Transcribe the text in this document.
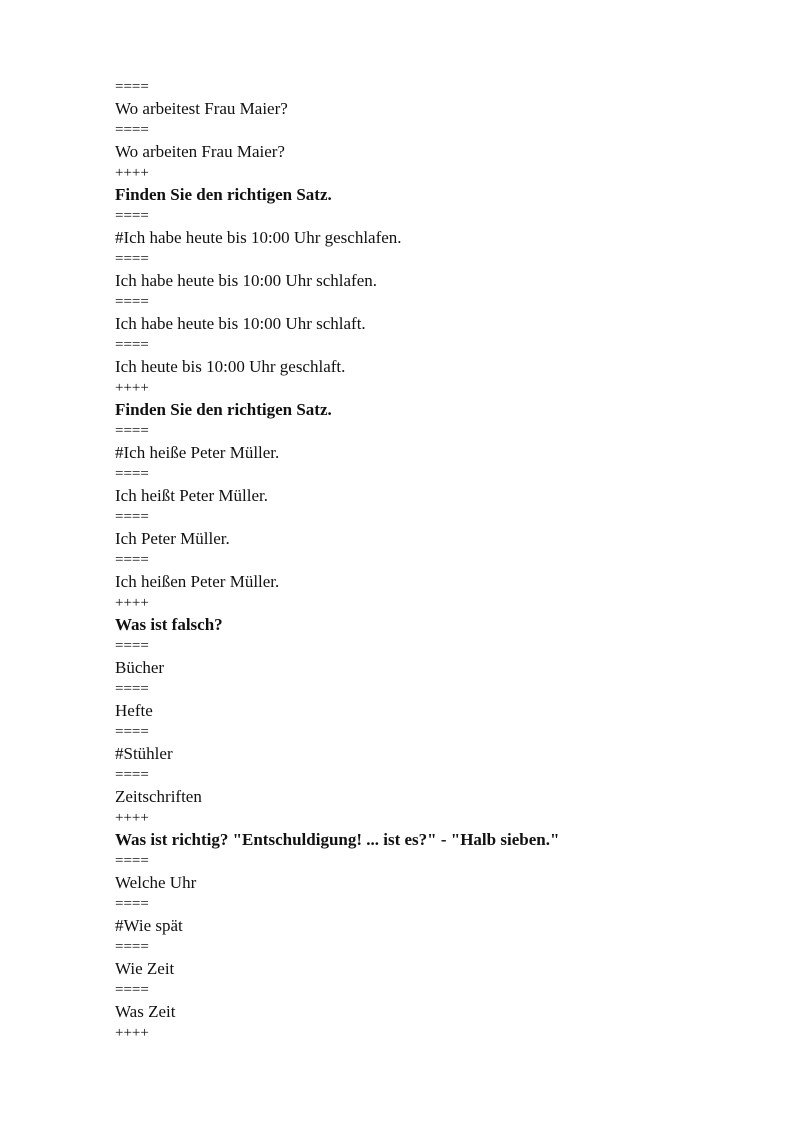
====
Wo arbeitest Frau Maier?
====
Wo arbeiten Frau Maier?
++++
Finden Sie den richtigen Satz.
====
#Ich habe heute bis 10:00 Uhr geschlafen.
====
Ich habe heute bis 10:00 Uhr schlafen.
====
Ich habe heute bis 10:00 Uhr schlaft.
====
Ich heute bis 10:00 Uhr geschlaft.
++++
Finden Sie den richtigen Satz.
====
#Ich heiße Peter Müller.
====
Ich heißt Peter Müller.
====
Ich Peter Müller.
====
Ich heißen Peter Müller.
++++
Was ist falsch?
====
Bücher
====
Hefte
====
#Stühler
====
Zeitschriften
++++
Was ist richtig? "Entschuldigung! ... ist es?" - "Halb sieben."
====
Welche Uhr
====
#Wie spät
====
Wie Zeit
====
Was Zeit
++++
